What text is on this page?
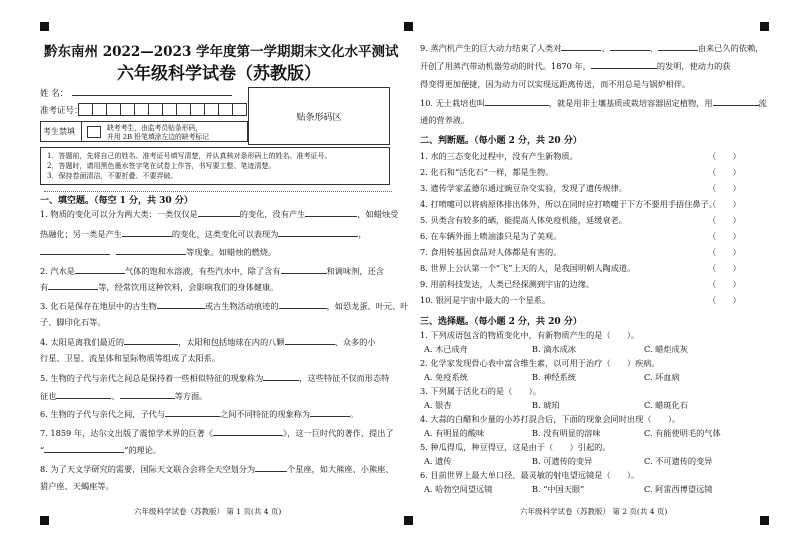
黔东南州 2022—2023 学年度第一学期期末文化水平测试
六年级科学试卷（苏教版）
姓 名：
准考证号：
贴条形码区
考生禁填	缺考考生，由监考员贴条形码，
并用 2B 铅笔填涂左边的缺考标记
1．答题前，先将自己的姓名、准考证号填写清楚，并认真核对条形码上的姓名、准考证号。
2．答题时，请用黑色墨水签字笔在试卷上作答，书写要工整、笔迹清楚。
3．保持卷面清洁，不要折叠、不要弄破。
一、填空题。（每空 1 分，共 30 分）
1. 物质的变化可以分为两大类：一类仅仅是	的变化，没有产生	，如蜡烛受
热融化；另一类是产生	的变化，这类变化可以表现为	，
等现象。如蜡烛的燃烧。
2. 汽水是	气体的饱和水溶液，有些汽水中，除了含有	和调味剂，还含
有	等，经常饮用这种饮料，会影响我们的身体健康。
3. 化石是保存在地层中的古生物	或古生物活动痕迹的	，如恐龙蛋、叶元、叶
子、脚印化石等。
4. 太阳是离我们最近的	，太阳和包括地球在内的八颗	、众多的小
行星、卫星、流星体和星际物质等组成了太阳系。
5. 生物的子代与亲代之间总是保持着一些相似特征的现象称为	，这些特征不仅而形态特
征也	、	等方面。
6. 生物的子代与亲代之间，子代与	之间不同特征的现象称为	。
7. 1859 年，达尔文出版了震惊学术界的巨著《	》，这一巨时代的著作，提出了
“	”的理论。
8. 为了天文学研究的需要，国际天文联合会将全天空划分为	个星座，如大熊座、小熊座、
猎户座、天蝎座等。
六年级科学试卷（苏教版） 第 1 页(共 4 页)
9. 蒸汽机产生的巨大动力结束了人类对	、	、	由来已久的依赖，
开创了用蒸汽带动机器劳动的时代。1870 年，	的发明，使动力的获
得变得更加便捷，因为动力可以实现远距离传送，而不用总是与锅炉相伴。
10. 无土栽培也叫	，就是用非土壤基质或栽培容器固定植物，用	流
通的营养液。
二、判断题。（每小题 2 分，共 20 分）
三、选择题。（每小题 2 分，共 20 分）
六年级科学试卷（苏教版） 第 2 页(共 4 页)
1. 水的三态变化过程中，没有产生新物质。	（　　）
2. 化石和“活化石”一样，都是生物。	（　　）
3. 遗传学家孟德尔通过豌豆杂交实验，发现了遗传规律。	（　　）
4. 打喷嚏可以将病原体排出体外，所以在同时应打喷嚏于下方不要用手捂住鼻子。
（　　）
5. 贝类含有较多的硒，能提高人体免疫机能，延缓衰老。	（　　）
6. 在车辆外面上喷油漆只是为了美观。	（　　）
7. 食用转基因食品对人体都是有害的。	（　　）
8. 世界上公认第一个“飞”上天的人，是我国明朝人陶成道。	（　　）
9. 用前科技发达，人类已经探测到宇宙的边缘。	（　　）
10. 银河是宇宙中最大的一个星系。	（　　）
1. 下列成语包含的物质变化中，有新物质产生的是（　　）。
A. 木已成舟	B. 滴水成冰	C. 蜡炬成灰
2. 化学家发现骨心表中富含维生素，以可用于治疗（　　）疾病。
A. 免疫系统	B. 神经系统	C. 坏血病
3. 下列属于活化石的是（　　）。
A. 银杏	B. 琥珀	C. 蜡斑化石
4. 大蒜的白醋和少量的小苏打混合后，下面的现象会同时出现（　　）。
A. 有明显的酸味	B. 没有明显的溶味	C. 有能使明毛的气体
5. 种瓜得瓜，种豆得豆，这是由于（　　）引起的。
A. 遗传	B. 可遗传的变异	C. 不可遗传的变异
6. 目前世界上最大单口径、最灵敏的射电望远镜是（　　）。
A. 哈勃空间望远镜	B. “中国天眼”	C. 阿雷西博望远镜
